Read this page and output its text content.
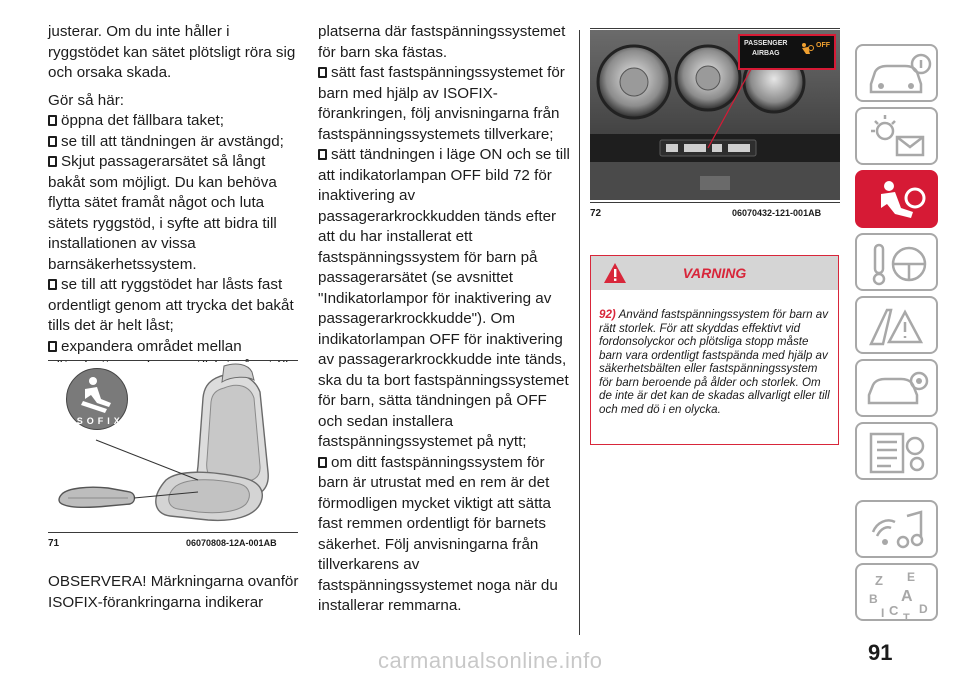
justerar. Om du inte håller i ryggstödet kan sätet plötsligt röra sig och orsaka skada.

Gör så här:

öppna det fällbara taket;

se till att tändningen är avstängd;

Skjut passagerarsätet så långt bakåt som möjligt. Du kan behöva flytta sätet framåt något och luta sätets ryggstöd, i syfte att bidra till installationen av vissa barnsäkerhetssystem.

se till att ryggstödet har låsts fast ordentligt genom att trycka det bakåt tills det är helt låst;

expandera området mellan

ISOFIX
71	06070808-12A-001AB

OBSERVERA! Märkningarna ovanför ISOFIX-förankringarna indikerar

platserna där fastspänningssystemet för barn ska fästas.

sätt fast fastspänningssystemet för barn med hjälp av ISOFIX-förankringen, följ anvisningarna från fastspänningssystemets tillverkare;

sätt tändningen i läge ON och se till att indikatorlampan OFF bild 72 för inaktivering av passagerarkrockkudden tänds efter att du har installerat ett fastspänningssystem för barn på passagerarsätet (se avsnittet "Indikatorlampor för inaktivering av passagerarkrockkudde"). Om indikatorlampan OFF för inaktivering av passagerarkrockkudde inte tänds, ska du ta bort fastspänningssystemet för barn, sätta tändningen på OFF och sedan installera fastspänningssystemet på nytt;

om ditt fastspänningssystem för barn är utrustat med en rem är det förmodligen mycket viktigt att sätta fast remmen ordentligt för barnets säkerhet. Följ anvisningarna från tillverkarens av fastspänningssystemet noga när du installerar remmarna.

PASSENGER
AIRBAG
OFF
72	06070432-121-001AB
VARNING
92) Använd fastspänningssystem för barn av rätt storlek. För att skyddas effektivt vid fordonsolyckor och plötsliga stopp måste barn vara ordentligt fastspända med hjälp av säkerhetsbälten eller fastspänningssystem för barn beroende på ålder och storlek. Om de inte är det kan de skadas allvarligt eller till och med dö i en olycka.
Z E
B A
I C D
T
91
carmanualsonline.info
